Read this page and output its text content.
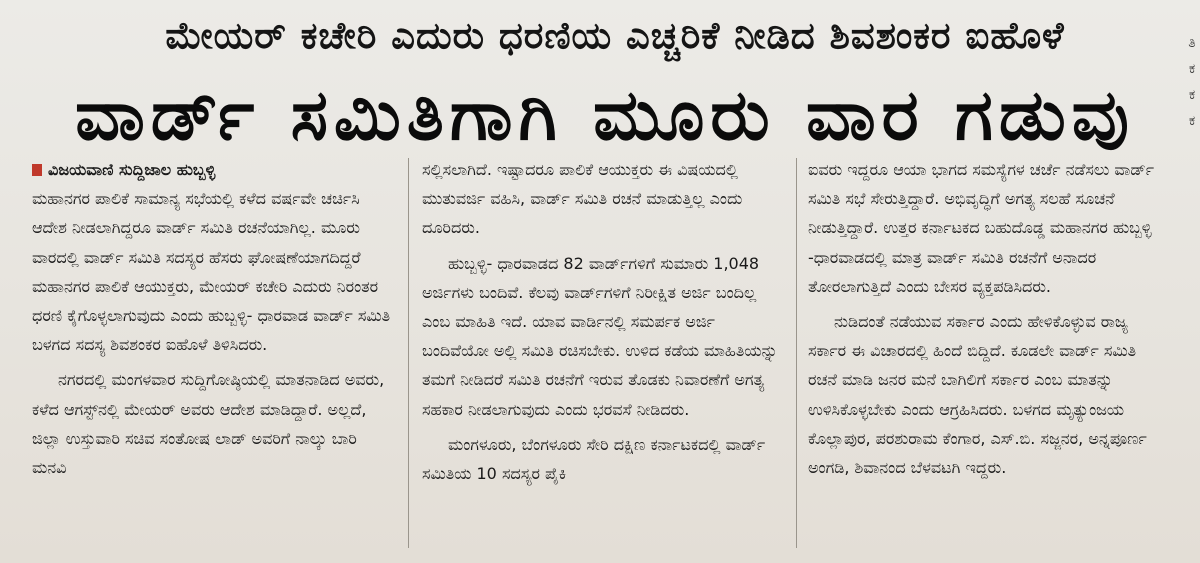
ಮೇಯರ್ ಕಚೇರಿ ಎದುರು ಧರಣಿಯ ಎಚ್ಚರಿಕೆ ನೀಡಿದ ಶಿವಶಂಕರ ಐಹೊಳೆ
ವಾರ್ಡ್ ಸಮಿತಿಗಾಗಿ ಮೂರು ವಾರ ಗಡುವು
ತಿ
ಕ
ಕ
ಕ
ವಿಜಯವಾಣಿ ಸುದ್ದಿಜಾಲ ಹುಬ್ಬಳ್ಳಿ

ಮಹಾನಗರ ಪಾಲಿಕೆ ಸಾಮಾನ್ಯ ಸಭೆಯಲ್ಲಿ ಕಳೆದ ವರ್ಷವೇ ಚರ್ಚಿಸಿ ಆದೇಶ ನೀಡಲಾಗಿದ್ದರೂ ವಾರ್ಡ್ ಸಮಿತಿ ರಚನೆಯಾಗಿಲ್ಲ. ಮೂರು ವಾರದಲ್ಲಿ ವಾರ್ಡ್ ಸಮಿತಿ ಸದಸ್ಯರ ಹೆಸರು ಘೋಷಣೆಯಾಗದಿದ್ದರೆ ಮಹಾನಗರ ಪಾಲಿಕೆ ಆಯುಕ್ತರು, ಮೇಯರ್ ಕಚೇರಿ ಎದುರು ನಿರಂತರ ಧರಣಿ ಕೈಗೊಳ್ಳಲಾಗುವುದು ಎಂದು ಹುಬ್ಬಳ್ಳಿ- ಧಾರವಾಡ ವಾರ್ಡ್ ಸಮಿತಿ ಬಳಗದ ಸದಸ್ಯ ಶಿವಶಂಕರ ಐಹೊಳೆ ತಿಳಿಸಿದರು.

ನಗರದಲ್ಲಿ ಮಂಗಳವಾರ ಸುದ್ದಿಗೋಷ್ಠಿಯಲ್ಲಿ ಮಾತನಾಡಿದ ಅವರು, ಕಳೆದ ಆಗಸ್ಟ್‌ನಲ್ಲಿ ಮೇಯರ್ ಅವರು ಆದೇಶ ಮಾಡಿದ್ದಾರೆ. ಅಲ್ಲದೆ, ಜಿಲ್ಲಾ ಉಸ್ತುವಾರಿ ಸಚಿವ ಸಂತೋಷ ಲಾಡ್ ಅವರಿಗೆ ನಾಲ್ಕು ಬಾರಿ ಮನವಿ

ಸಲ್ಲಿಸಲಾಗಿದೆ. ಇಷ್ಟಾದರೂ ಪಾಲಿಕೆ ಆಯುಕ್ತರು ಈ ವಿಷಯದಲ್ಲಿ ಮುತುವರ್ಜಿ ವಹಿಸಿ, ವಾರ್ಡ್ ಸಮಿತಿ ರಚನೆ ಮಾಡುತ್ತಿಲ್ಲ ಎಂದು ದೂರಿದರು.

ಹುಬ್ಬಳ್ಳಿ- ಧಾರವಾಡದ 82 ವಾರ್ಡ್‌ಗಳಿಗೆ ಸುಮಾರು 1,048 ಅರ್ಜಿಗಳು ಬಂದಿವೆ. ಕೆಲವು ವಾರ್ಡ್‌ಗಳಿಗೆ ನಿರೀಕ್ಷಿತ ಅರ್ಜಿ ಬಂದಿಲ್ಲ ಎಂಬ ಮಾಹಿತಿ ಇದೆ. ಯಾವ ವಾರ್ಡಿನಲ್ಲಿ ಸಮರ್ಪಕ ಅರ್ಜಿ ಬಂದಿವೆಯೋ ಅಲ್ಲಿ ಸಮಿತಿ ರಚಿಸಬೇಕು. ಉಳಿದ ಕಡೆಯ ಮಾಹಿತಿಯನ್ನು ತಮಗೆ ನೀಡಿದರೆ ಸಮಿತಿ ರಚನೆಗೆ ಇರುವ ತೊಡಕು ನಿವಾರಣೆಗೆ ಅಗತ್ಯ ಸಹಕಾರ ನೀಡಲಾಗುವುದು ಎಂದು ಭರವಸೆ ನೀಡಿದರು.

ಮಂಗಳೂರು, ಬೆಂಗಳೂರು ಸೇರಿ ದಕ್ಷಿಣ ಕರ್ನಾಟಕದಲ್ಲಿ ವಾರ್ಡ್ ಸಮಿತಿಯ 10 ಸದಸ್ಯರ ಪೈಕಿ

ಐವರು ಇದ್ದರೂ ಆಯಾ ಭಾಗದ ಸಮಸ್ಯೆಗಳ ಚರ್ಚೆ ನಡೆಸಲು ವಾರ್ಡ್ ಸಮಿತಿ ಸಭೆ ಸೇರುತ್ತಿದ್ದಾರೆ. ಅಭಿವೃದ್ಧಿಗೆ ಅಗತ್ಯ ಸಲಹೆ ಸೂಚನೆ ನೀಡುತ್ತಿದ್ದಾರೆ. ಉತ್ತರ ಕರ್ನಾಟಕದ ಬಹುದೊಡ್ಡ ಮಹಾನಗರ ಹುಬ್ಬಳ್ಳಿ -ಧಾರವಾಡದಲ್ಲಿ ಮಾತ್ರ ವಾರ್ಡ್ ಸಮಿತಿ ರಚನೆಗೆ ಅನಾದರ ತೋರಲಾಗುತ್ತಿದೆ ಎಂದು ಬೇಸರ ವ್ಯಕ್ತಪಡಿಸಿದರು.

ನುಡಿದಂತೆ ನಡೆಯುವ ಸರ್ಕಾರ ಎಂದು ಹೇಳಿಕೊಳ್ಳುವ ರಾಜ್ಯ ಸರ್ಕಾರ ಈ ವಿಚಾರದಲ್ಲಿ ಹಿಂದೆ ಬಿದ್ದಿದೆ. ಕೂಡಲೇ ವಾರ್ಡ್ ಸಮಿತಿ ರಚನೆ ಮಾಡಿ ಜನರ ಮನೆ ಬಾಗಿಲಿಗೆ ಸರ್ಕಾರ ಎಂಬ ಮಾತನ್ನು ಉಳಿಸಿಕೊಳ್ಳಬೇಕು ಎಂದು ಆಗ್ರಹಿಸಿದರು. ಬಳಗದ ಮೃತ್ಯುಂಜಯ ಕೊಲ್ಲಾಪುರ, ಪರಶುರಾಮ ಕೆಂಗಾರ, ಎಸ್.ಬಿ. ಸಜ್ಜನರ, ಅನ್ನಪೂರ್ಣ ಅಂಗಡಿ, ಶಿವಾನಂದ ಬೆಳವಟಗಿ ಇದ್ದರು.
